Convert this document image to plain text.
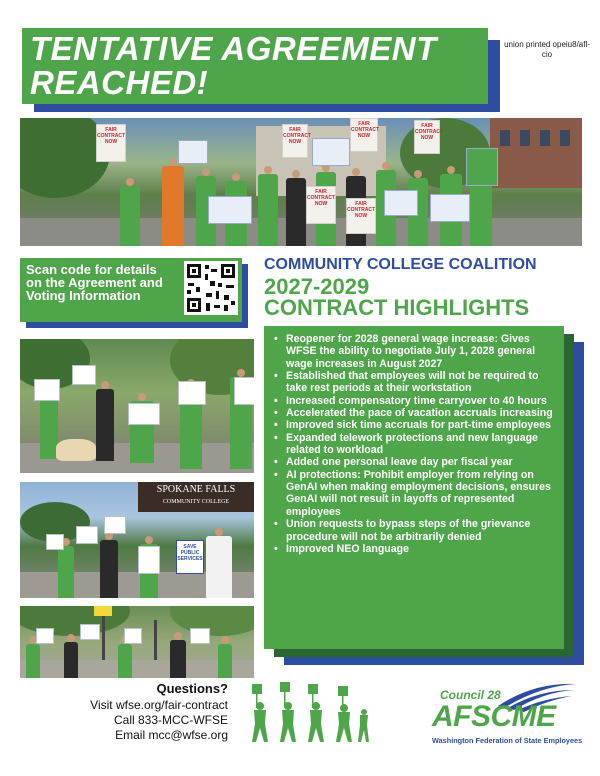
TENTATIVE AGREEMENT
REACHED!
union printed opeiu8/afl-cio
FAIR CONTRACT NOW
FAIR CONTRACT NOW
FAIR CONTRACT NOW
FAIR CONTRACT NOW
FAIR CONTRACT NOW	FAIR CONTRACT NOW
Scan code for details on the Agreement and Voting Information
COMMUNITY COLLEGE COALITION
2027-2029
CONTRACT HIGHLIGHTS
SPOKANE FALLS
COMMUNITY COLLEGE
SAVE PUBLIC SERVICES
• Reopener for 2028 general wage increase: Gives WFSE the ability to negotiate July 1, 2028 general wage increases in August 2027
• Established that employees will not be required to take rest periods at their workstation
• Increased compensatory time carryover to 40 hours
• Accelerated the pace of vacation accruals increasing
• Improved sick time accruals for part-time employees
• Expanded telework protections and new language related to workload
• Added one personal leave day per fiscal year
• AI protections: Prohibit employer from relying on GenAI when making employment decisions, ensures GenAI will not result in layoffs of represented employees
• Union requests to bypass steps of the grievance procedure will not be arbitrarily denied
• Improved NEO language
Questions?
Visit wfse.org/fair-contract
Call 833-MCC-WFSE
Email mcc@wfse.org
Council 28
AFSCME
Washington Federation of State Employees
